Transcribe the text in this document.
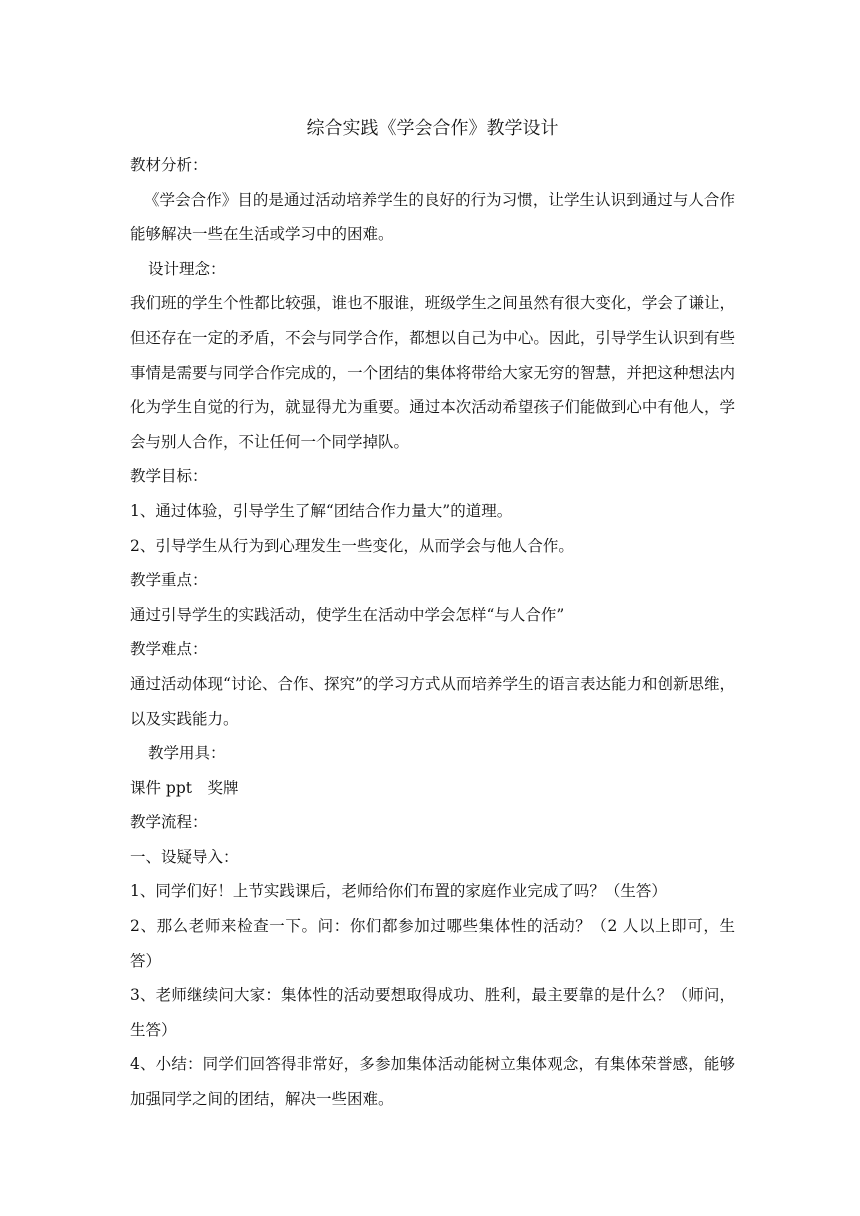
综合实践《学会合作》教学设计

教材分析：

《学会合作》目的是通过活动培养学生的良好的行为习惯，让学生认识到通过与人合作能够解决一些在生活或学习中的困难。

设计理念：

我们班的学生个性都比较强，谁也不服谁，班级学生之间虽然有很大变化，学会了谦让，但还存在一定的矛盾，不会与同学合作，都想以自己为中心。因此，引导学生认识到有些事情是需要与同学合作完成的，一个团结的集体将带给大家无穷的智慧，并把这种想法内化为学生自觉的行为，就显得尤为重要。通过本次活动希望孩子们能做到心中有他人，学会与别人合作，不让任何一个同学掉队。

教学目标：

1、通过体验，引导学生了解“团结合作力量大”的道理。

2、引导学生从行为到心理发生一些变化，从而学会与他人合作。

教学重点：

通过引导学生的实践活动，使学生在活动中学会怎样“与人合作”

教学难点：

通过活动体现“讨论、合作、探究”的学习方式从而培养学生的语言表达能力和创新思维，以及实践能力。

教学用具：

课件 ppt　奖牌

教学流程：

一、设疑导入：

1、同学们好！上节实践课后，老师给你们布置的家庭作业完成了吗？（生答）

2、那么老师来检查一下。问：你们都参加过哪些集体性的活动？（2 人以上即可，生答）

3、老师继续问大家：集体性的活动要想取得成功、胜利，最主要靠的是什么？（师问，生答）

4、小结：同学们回答得非常好，多参加集体活动能树立集体观念，有集体荣誉感，能够加强同学之间的团结，解决一些困难。
